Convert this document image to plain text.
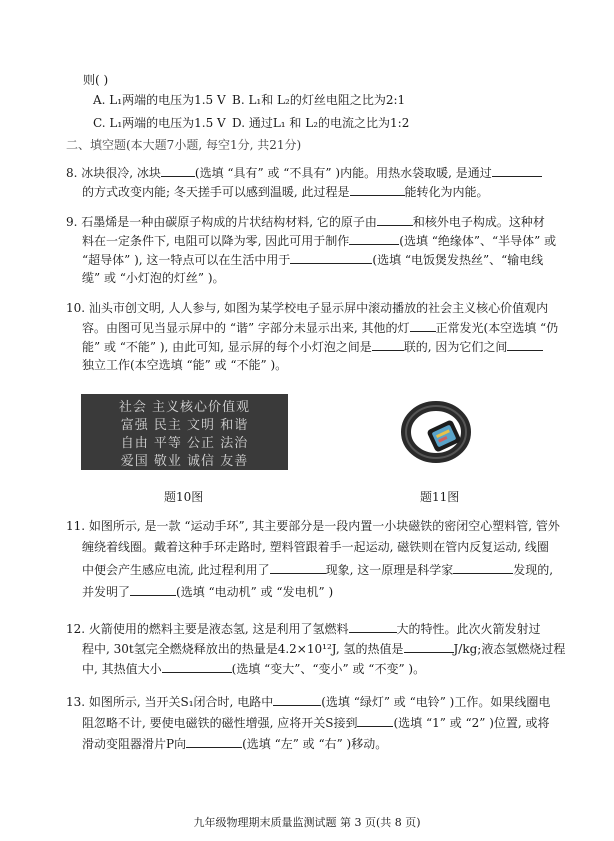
则( )
A. L₁两端的电压为1.5 V B. L₁和 L₂的灯丝电阻之比为2:1
C. L₁两端的电压为1.5 V D. 通过L₁ 和 L₂的电流之比为1:2
二、填空题(本大题7小题, 每空1分, 共21分)
8. 冰块很冷, 冰块	(选填 “具有” 或 “不具有” )内能。用热水袋取暖, 是通过
的方式改变内能; 冬天搓手可以感到温暖, 此过程是	能转化为内能。
9. 石墨烯是一种由碳原子构成的片状结构材料, 它的原子由	和核外电子构成。这种材
料在一定条件下, 电阻可以降为零, 因此可用于制作	(选填 “绝缘体”、“半导体” 或
“超导体” ), 这一特点可以在生活中用于	(选填 “电饭煲发热丝”、“输电线
缆” 或 “小灯泡的灯丝” )。
10. 汕头市创文明, 人人参与, 如图为某学校电子显示屏中滚动播放的社会主义核心价值观内
容。由图可见当显示屏中的 “谐” 字部分未显示出来, 其他的灯 正常发光(本空选填 “仍
能” 或 “不能” ), 由此可知, 显示屏的每个小灯泡之间是	联的, 因为它们之间
独立工作(本空选填 “能” 或 “不能” )。
社会 主义核心价值观
富强 民主 文明 和谐
自由 平等 公正 法治
爱国 敬业 诚信 友善
题10图	题11图
11. 如图所示, 是一款 “运动手环”, 其主要部分是一段内置一小块磁铁的密闭空心塑料管, 管外
缠绕着线圈。戴着这种手环走路时, 塑料管跟着手一起运动, 磁铁则在管内反复运动, 线圈
中便会产生感应电流, 此过程利用了	现象, 这一原理是科学家	发现的,
并发明了	(选填 “电动机” 或 “发电机” )
12. 火箭使用的燃料主要是液态氢, 这是利用了氢燃料	大的特性。此次火箭发射过
程中, 30t氢完全燃烧释放出的热量是4.2×10¹²J, 氢的热值是	J/kg;液态氢燃烧过程
中, 其热值大小	(选填 “变大”、“变小” 或 “不变” )。
13. 如图所示, 当开关S₁闭合时, 电路中	(选填 “绿灯” 或 “电铃” )工作。如果线圈电
阻忽略不计, 要使电磁铁的磁性增强, 应将开关S接到	(选填 “1” 或 “2” )位置, 或将
滑动变阻器滑片P向	(选填 “左” 或 “右” )移动。
九年级物理期末质量监测试题 第 3 页(共 8 页)
